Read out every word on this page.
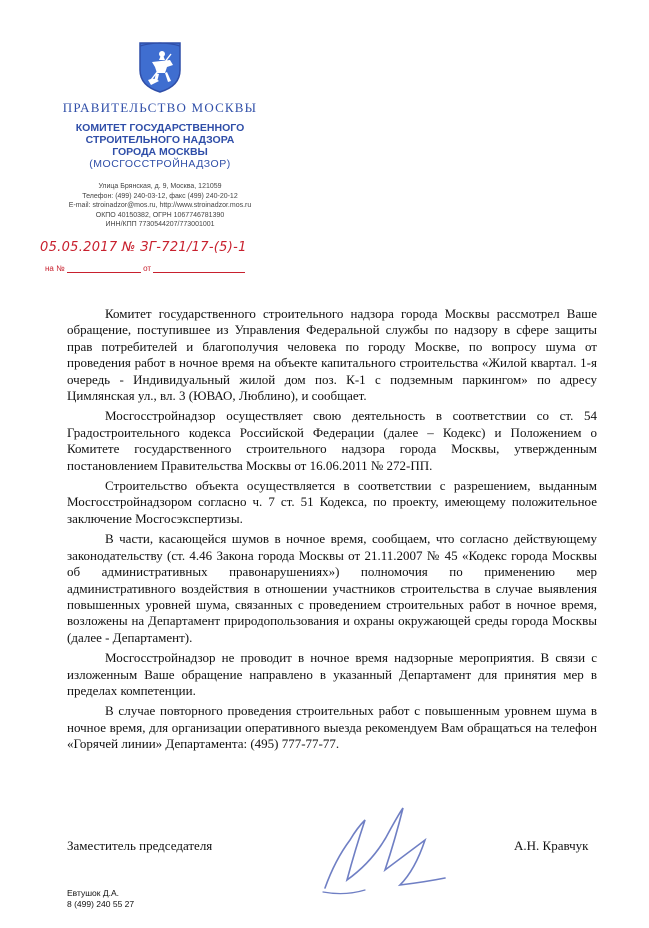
ПРАВИТЕЛЬСТВО МОСКВЫ
КОМИТЕТ ГОСУДАРСТВЕННОГО
СТРОИТЕЛЬНОГО НАДЗОРА
ГОРОДА МОСКВЫ
(МОСГОССТРОЙНАДЗОР)
Улица Брянская, д. 9, Москва, 121059
Телефон: (499) 240-03-12, факс (499) 240-20-12
E-mail: stroinadzor@mos.ru, http://www.stroinadzor.mos.ru
ОКПО 40150382, ОГРН 1067746781390
ИНН/КПП 7730544207/773001001
05.05.2017 № ЗГ-721/17-(5)-1
на №	от

Комитет государственного строительного надзора города Москвы рассмотрел Ваше обращение, поступившее из Управления Федеральной службы по надзору в сфере защиты прав потребителей и благополучия человека по городу Москве, по вопросу шума от проведения работ в ночное время на объекте капитального строительства «Жилой квартал. 1-я очередь - Индивидуальный жилой дом поз. К-1 с подземным паркингом» по адресу Цимлянская ул., вл. 3 (ЮВАО, Люблино), и сообщает.

Мосгосстройнадзор осуществляет свою деятельность в соответствии со ст. 54 Градостроительного кодекса Российской Федерации (далее – Кодекс) и Положением о Комитете государственного строительного надзора города Москвы, утвержденным постановлением Правительства Москвы от 16.06.2011 № 272-ПП.

Строительство объекта осуществляется в соответствии с разрешением, выданным Мосгосстройнадзором согласно ч. 7 ст. 51 Кодекса, по проекту, имеющему положительное заключение Мосгосэкспертизы.

В части, касающейся шумов в ночное время, сообщаем, что согласно действующему законодательству (ст. 4.46 Закона города Москвы от 21.11.2007 № 45 «Кодекс города Москвы об административных правонарушениях») полномочия по применению мер административного воздействия в отношении участников строительства в случае выявления повышенных уровней шума, связанных с проведением строительных работ в ночное время, возложены на Департамент природопользования и охраны окружающей среды города Москвы (далее - Департамент).

Мосгосстройнадзор не проводит в ночное время надзорные мероприятия. В связи с изложенным Ваше обращение направлено в указанный Департамент для принятия мер в пределах компетенции.

В случае повторного проведения строительных работ с повышенным уровнем шума в ночное время, для организации оперативного выезда рекомендуем Вам обращаться на телефон «Горячей линии» Департамента: (495) 777-77-77.

Заместитель председателя	А.Н. Кравчук
Евтушок Д.А.
8 (499) 240 55 27
